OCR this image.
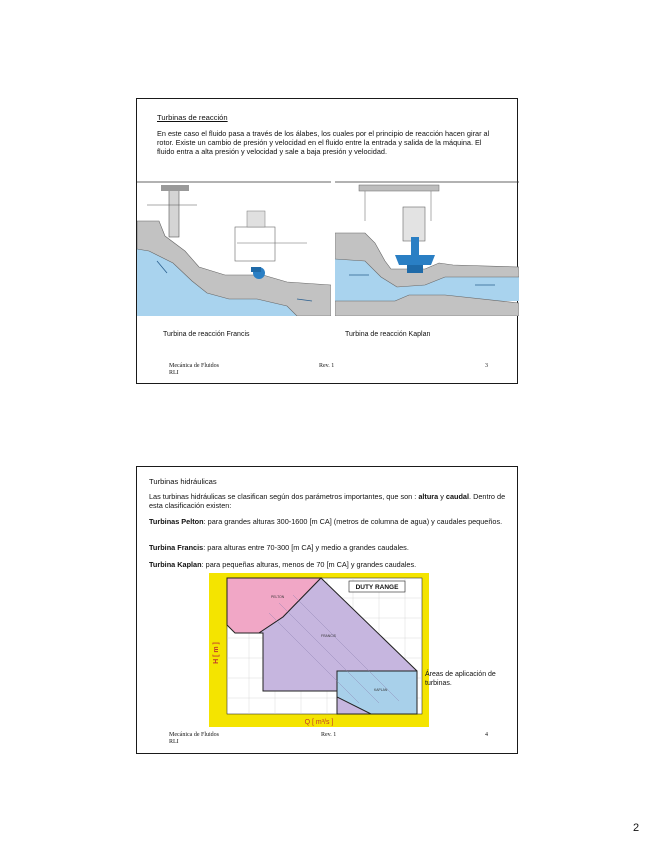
Turbinas de reacción
En este caso el fluido pasa a través de los álabes, los cuales por el principio de reacción hacen girar al rotor. Existe un cambio de presión y velocidad en el fluido entre la entrada y salida de la máquina. El fluido entra a alta presión y velocidad y sale a baja presión y velocidad.
Turbina de reacción Francis	Turbina de reacción Kaplan
Mecánica de Fluidos
RLI
Rev. 1	3
Turbinas hidráulicas
Las turbinas hidráulicas se clasifican según dos parámetros importantes, que son : altura y caudal. Dentro de esta clasificación existen:
Turbinas Pelton: para grandes alturas 300-1600 [m CA] (metros de columna de agua) y caudales pequeños.
Turbina Francis: para alturas entre 70-300 [m CA] y medio a grandes caudales.
Turbina Kaplan: para pequeñas alturas, menos de 70 [m CA] y grandes caudales.
DUTY RANGE
PELTON
FRANCIS
KAPLAN
H [ m ]
Q [ m³/s ]
Áreas de aplicación de turbinas.
Mecánica de Fluidos
RLI
Rev. 1	4
2
